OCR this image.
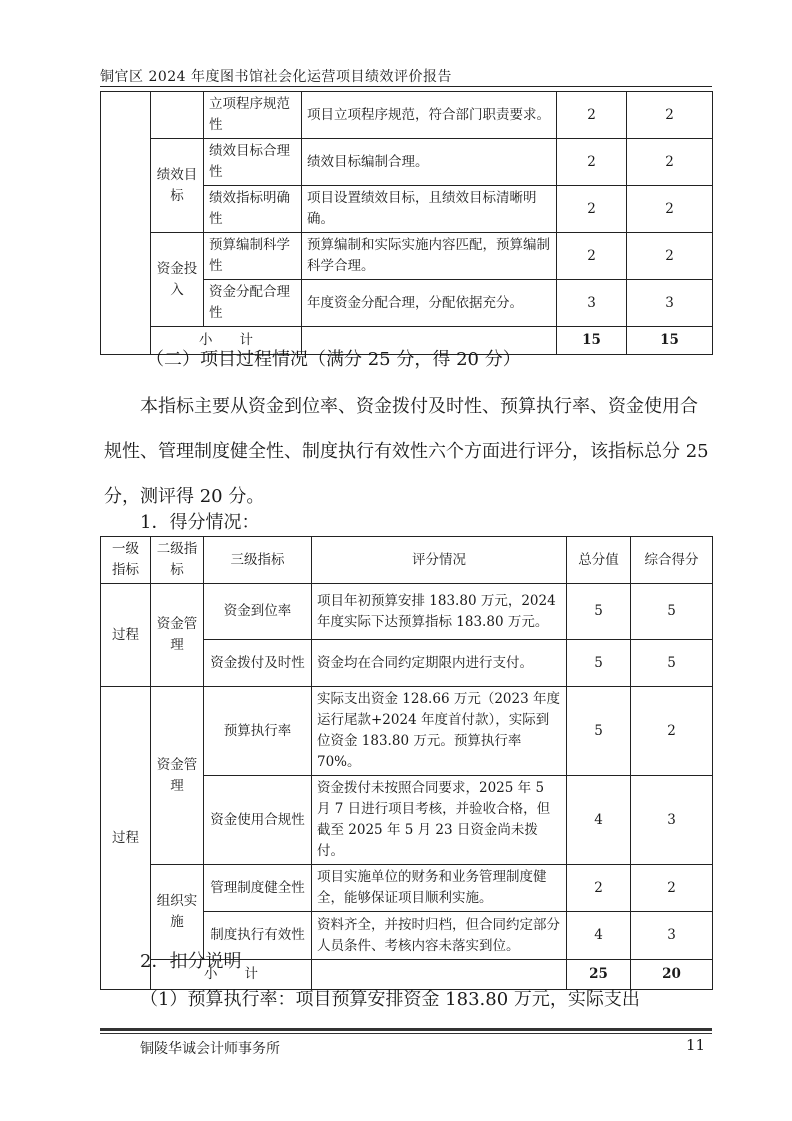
铜官区 2024 年度图书馆社会化运营项目绩效评价报告
		立项程序规范性	项目立项程序规范，符合部门职责要求。	2	2
	绩效目标	绩效目标合理性	绩效目标编制合理。	2	2
		绩效指标明确性	项目设置绩效目标，且绩效目标清晰明确。	2	2
	资金投入	预算编制科学性	预算编制和实际实施内容匹配，预算编制科学合理。	2	2
		资金分配合理性	年度资金分配合理，分配依据充分。	3	3
	小　　计			15	15
（二）项目过程情况（满分 25 分，得 20 分）
本指标主要从资金到位率、资金拨付及时性、预算执行率、资金使用合规性、管理制度健全性、制度执行有效性六个方面进行评分，该指标总分 25 分，测评得 20 分。
1．得分情况：
一级指标	二级指标	三级指标	评分情况	总分值	综合得分
过程	资金管理	资金到位率	项目年初预算安排 183.80 万元，2024 年度实际下达预算指标 183.80 万元。	5	5
		资金拨付及时性	资金均在合同约定期限内进行支付。	5	5
过程	资金管理	预算执行率	实际支出资金 128.66 万元（2023 年度运行尾款+2024 年度首付款），实际到位资金 183.80 万元。预算执行率 70%。	5	2
		资金使用合规性	资金拨付未按照合同要求，2025 年 5 月 7 日进行项目考核，并验收合格，但截至 2025 年 5 月 23 日资金尚未拨付。	4	3
	组织实施	管理制度健全性	项目实施单位的财务和业务管理制度健全，能够保证项目顺利实施。	2	2
		制度执行有效性	资料齐全，并按时归档，但合同约定部分人员条件、考核内容未落实到位。	4	3
	小　　计			25	20
2．扣分说明
（1）预算执行率：项目预算安排资金 183.80 万元，实际支出
铜陵华诚会计师事务所	11
